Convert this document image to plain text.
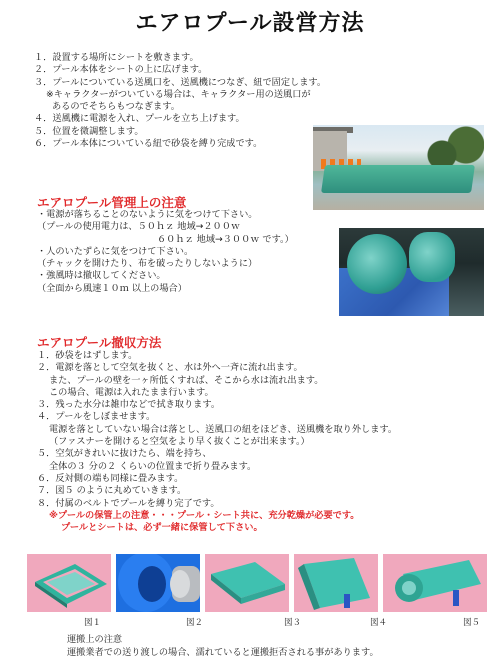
エアロプール設営方法
１．設置する場所にシートを敷きます。
２．プール本体をシートの上に広げます。
３．プールについている送風口を、送風機につなぎ、紐で固定します。
※キャラクターがついている場合は、キャラクター用の送風口が
あるのでそちらもつなぎます。
４．送風機に電源を入れ、プールを立ち上げます。
５．位置を微調整します。
６．プール本体についている紐で砂袋を縛り完成です。
エアロプール管理上の注意
・電源が落ちることのないように気をつけて下さい。
（プールの使用電力は、５０ｈｚ 地域→２００ｗ
６０ｈｚ 地域→３００ｗ です。）
・人のいたずらに気をつけて下さい。
（チャックを開けたり、布を破ったりしないように）
・強風時は撤収してください。
（全面から風速１０ｍ 以上の場合）
エアロプール撤収方法
１．砂袋をはずします。
２．電源を落として空気を抜くと、水は外へ一斉に流れ出ます。
また、プールの壁を一ヶ所低くすれば、そこから水は流れ出ます。
この場合、電源は入れたまま行います。
３．残った水分は雑巾などで拭き取ります。
４．プールをしぼませます。
電源を落としていない場合は落とし、送風口の紐をほどき、送風機を取り外します。
（ファスナーを開けると空気をより早く抜くことが出来ます。）
５．空気がきれいに抜けたら、端を持ち、
全体の３ 分の２ くらいの位置まで折り畳みます。
６．反対側の端も同様に畳みます。
７．図５ のように丸めていきます。
８．付属のベルトでプールを縛り完了です。
※プールの保管上の注意・・・プール・シート共に、充分乾燥が必要です。
プールとシートは、必ず一緒に保管して下さい。
図１	図２	図３	図４	図５
運搬上の注意
運搬業者での送り渡しの場合、濡れていると運搬拒否される事があります。
